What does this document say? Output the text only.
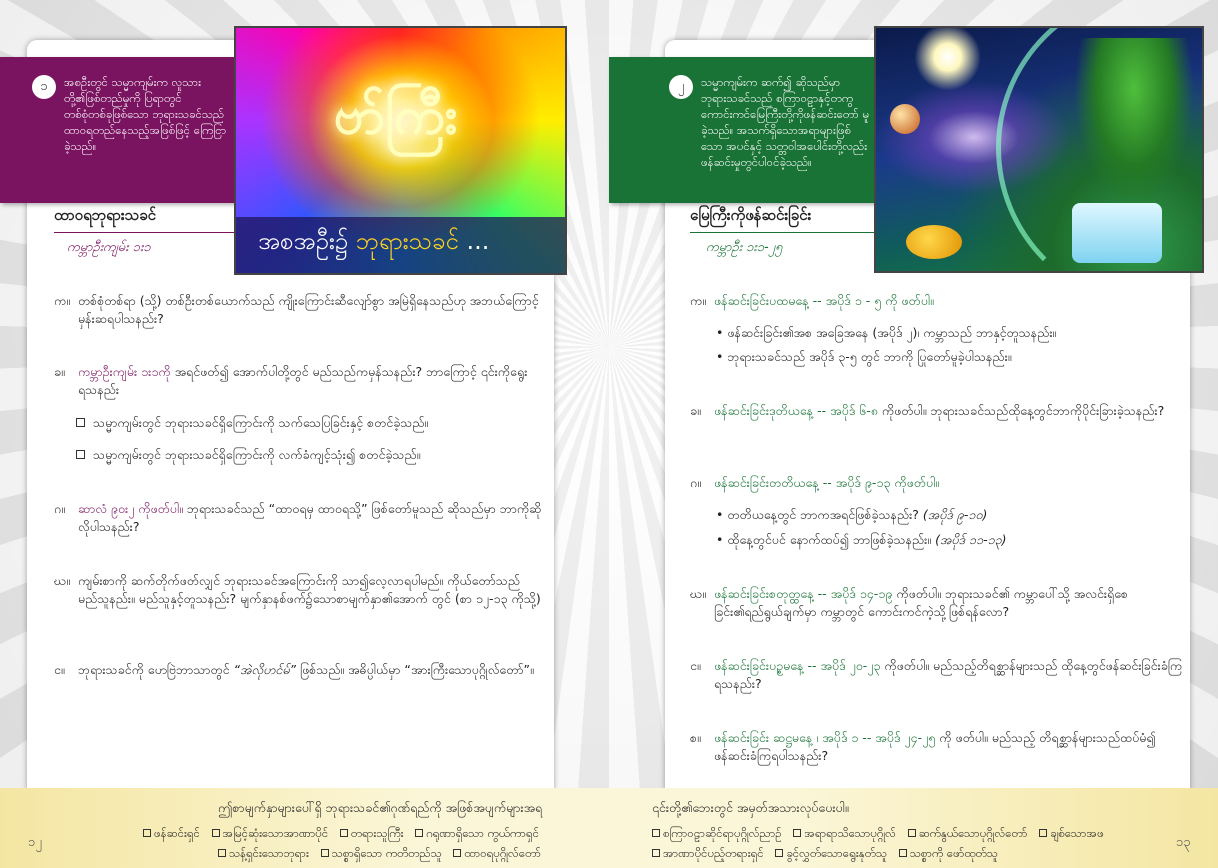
၁	အစဦးတွင် သမ္မာကျမ်းက လူသားတို့၏ဖြစ်တည်မှုကို ပြရာတွင် တစ်စုံတစ်ခုဖြစ်သော ဘုရားသခင်သည် ထာဝရတည်နေသည့်အဖြစ်ဖြင့် ကြေငြာခဲ့သည်။	ဗာ်ကြီး
အစအဦး၌ ဘုရားသခင် ...
ထာဝရဘုရားသခင်
ကမ္ဘာဦးကျမ်း ၁း၁
က။ တစ်စုံတစ်ရာ (သို့) တစ်ဦးတစ်ယောက်သည် ကျိုးကြောင်းဆီလျော်စွာ အမြဲရှိနေသည်ဟု အဘယ်ကြောင့် မှန်းဆရပါသနည်း?
ခ။ ကမ္ဘာဦးကျမ်း ၁း၁ကို အရင်ဖတ်၍ အောက်ပါတို့တွင် မည်သည်ကမှန်သနည်း? ဘာကြောင့် ၎င်းကိုရွေးရသနည်း
သမ္မာကျမ်းတွင် ဘုရားသခင်ရှိကြောင်းကို သက်သေပြခြင်းနှင့် စတင်ခဲ့သည်။
သမ္မာကျမ်းတွင် ဘုရားသခင်ရှိကြောင်းကို လက်ခံကျင့်သုံး၍ စတင်ခဲ့သည်။
ဂ။ ဆာလံ ၉၀း၂ ကိုဖတ်ပါ။ ဘုရားသခင်သည် “ထာဝရမှ ထာဝရသို့” ဖြစ်တော်မူသည် ဆိုသည်မှာ ဘာကိုဆို လိုပါသနည်း?
ဃ။ ကျမ်းစာကို ဆက်တိုက်ဖတ်လျှင် ဘုရားသခင်အကြောင်းကို သာ၍လေ့လာရပါမည်။ ကိုယ်တော်သည် မည်သူနည်း။ မည်သူနှင့်တူသနည်း? မျက်နှာနစ်ဖက်၌သောစာမျက်နှာ၏အောက် တွင် (စာ ၁၂-၁၃ ကိုသို့)
င။ ဘုရားသခင်ကို ဟေဗြဲဘာသာတွင် “အဲလိုဟင်မ်” ဖြစ်သည်။ အဓိပ္ပါယ်မှာ “အားကြီးသောပုဂ္ဂိုလ်တော်”။
၂	သမ္မာကျမ်းက ဆက်၍ ဆိုသည်မှာ ဘုရားသခင်သည် စကြာဝဠာနှင့်တကွ ကောင်းကင်မြေကြီးတို့ကိုဖန်ဆင်းတော် မူခဲ့သည်။ အသက်ရှိသောအရာများဖြစ်သော အပင်နှင့် သတ္တဝါအပေါင်းတို့လည်း ဖန်ဆင်းမှုတွင်ပါဝင်ခဲ့သည်။
မြေကြီးကိုဖန်ဆင်းခြင်း
ကမ္ဘာဦး ၁း၁-၂၅
က။ ဖန်ဆင်းခြင်းပထမနေ့ -- အပိုဒ် ၁ - ၅ ကို ဖတ်ပါ။
• ဖန်ဆင်းခြင်း၏အစ အခြေအနေ (အပိုဒ် ၂)၊ ကမ္ဘာသည် ဘာနှင့်တူသနည်း။
• ဘုရားသခင်သည် အပိုဒ် ၃-၅ တွင် ဘာကို ပြုတော်မူခဲ့ပါသနည်း။
ခ။ ဖန်ဆင်းခြင်းဒုတိယနေ့ -- အပိုဒ် ၆-၈ ကိုဖတ်ပါ။ ဘုရားသခင်သည်ထိုနေ့တွင်ဘာကိုပိုင်းခြားခဲ့သနည်း?
ဂ။ ဖန်ဆင်းခြင်းတတိယနေ့ -- အပိုဒ် ၉-၁၃ ကိုဖတ်ပါ။
• တတိယနေ့တွင် ဘာကအရင်ဖြစ်ခဲ့သနည်း? (အပိုဒ် ၉-၁၀)
• ထိုနေ့တွင်ပင် နောက်ထပ်၍ ဘာဖြစ်ခဲ့သနည်း။ (အပိုဒ် ၁၁-၁၃)
ဃ။ ဖန်ဆင်းခြင်းစတုတ္ထနေ့ -- အပိုဒ် ၁၄-၁၉ ကိုဖတ်ပါ။ ဘုရားသခင်၏ ကမ္ဘာပေါ်သို့ အလင်းရှိစေခြင်း၏ရည်ရွယ်ချက်မှာ ကမ္ဘာတွင် ကောင်းကင်ကဲ့သို့ဖြစ်ရန်လော?
င။ ဖန်ဆင်းခြင်းပဉ္စမနေ့ -- အပိုဒ် ၂၀-၂၃ ကိုဖတ်ပါ။ မည်သည့်တိရစ္ဆာန်များသည် ထိုနေ့တွင်ဖန်ဆင်းခြင်းခံကြရသနည်း?
စ။ ဖန်ဆင်းခြင်း ဆဋ္ဌမနေ့ ၊ အပိုဒ် ၁ -- အပိုဒ် ၂၄-၂၅ ကို ဖတ်ပါ။ မည်သည့် တိရစ္ဆာန်များသည်ထပ်မံ၍ ဖန်ဆင်းခံကြရပါသနည်း?
ဤစာမျက်နှာများပေါ်ရှိ ဘုရားသခင်၏ဂုဏ်ရည်ကို အဖြစ်အပျက်များအရ	၎င်းတို့၏ဘေးတွင် အမှတ်အသားလုပ်ပေးပါ။
၁၂	၁၃
ဖန်ဆင်းရှင် အမြင့်ဆုံးသောအာဏာပိုင် တရားသူကြီး ဂရုဏာရှိသော ကွယ်ကာရှင်
သန့်ရှင်းသောဘုရား သစ္စာရှိသော ကတိတည်သူ ထာဝရပုဂ္ဂိုလ်တော်
စကြာဝဠာဆိုင်ရာပုဂ္ဂိုလ်ညာဉ် အရာရာသိသောပုဂ္ဂိုလ် ဆက်နွယ်သောပုဂ္ဂိုလ်တော် ချစ်သောအဖ
အာဏာပိုင်ပည့်တရားရှင် ခွင့်လွှတ်သောရွေးနုတ်သူ သစ္စာကို ဖော်ထုတ်သူ
